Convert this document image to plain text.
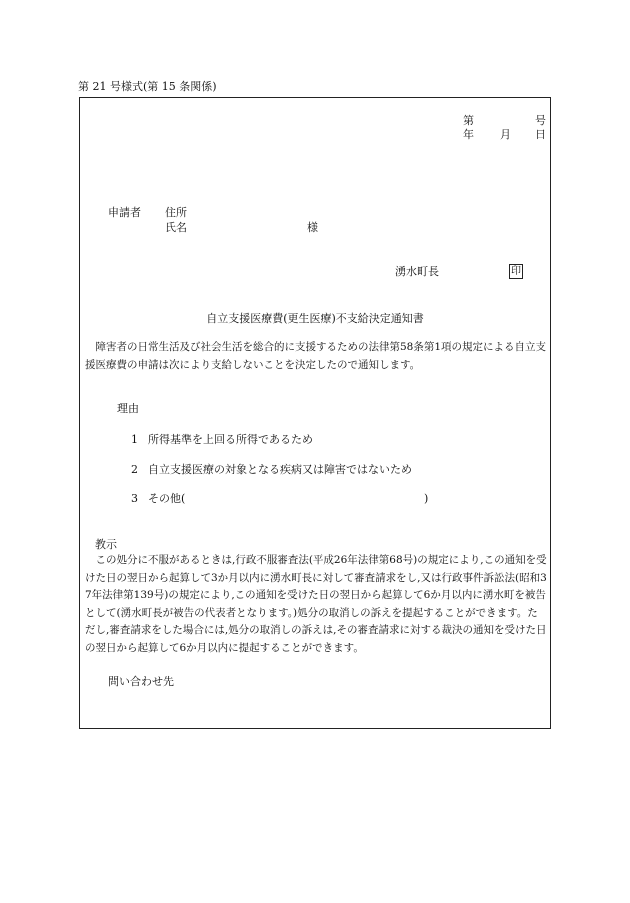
第 21 号様式(第 15 条関係)
第	号
年 月 日
申請者 住所
氏名	様
湧水町長	印
自立支援医療費(更生医療)不支給決定通知書
障害者の日常生活及び社会生活を総合的に支援するための法律第58条第1項の規定による自立支援医療費の申請は次により支給しないことを決定したので通知します。
理由
1 所得基準を上回る所得であるため
2 自立支援医療の対象となる疾病又は障害ではないため
3 その他(	)
教示
この処分に不服があるときは,行政不服審査法(平成26年法律第68号)の規定により,この通知を受けた日の翌日から起算して3か月以内に湧水町長に対して審査請求をし,又は行政事件訴訟法(昭和37年法律第139号)の規定により,この通知を受けた日の翌日から起算して6か月以内に湧水町を被告として(湧水町長が被告の代表者となります。)処分の取消しの訴えを提起することができます。ただし,審査請求をした場合には,処分の取消しの訴えは,その審査請求に対する裁決の通知を受けた日の翌日から起算して6か月以内に提起することができます。
問い合わせ先
